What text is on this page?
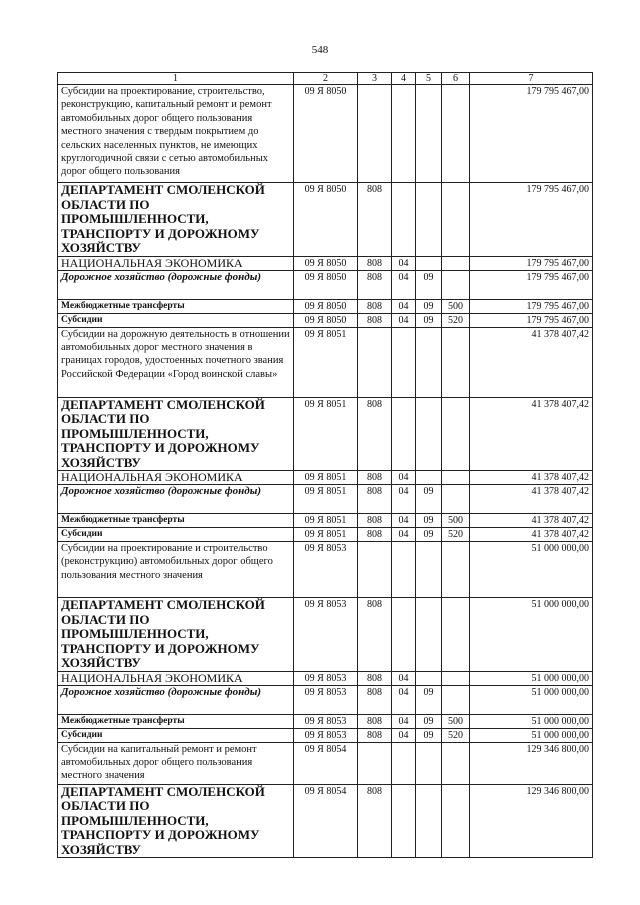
548
1	2	3	4	5	6	7
Субсидии на проектирование, строительство, реконструкцию, капитальный ремонт и ремонт автомобильных дорог общего пользования местного значения с твердым покрытием до сельских населенных пунктов, не имеющих круглогодичной связи с сетью автомобильных дорог общего пользования	09 Я 8050					179 795 467,00
ДЕПАРТАМЕНТ СМОЛЕНСКОЙ ОБЛАСТИ ПО ПРОМЫШЛЕННОСТИ, ТРАНСПОРТУ И ДОРОЖНОМУ ХОЗЯЙСТВУ	09 Я 8050	808				179 795 467,00
НАЦИОНАЛЬНАЯ ЭКОНОМИКА	09 Я 8050	808	04			179 795 467,00
Дорожное хозяйство (дорожные фонды)	09 Я 8050	808	04	09		179 795 467,00
Межбюджетные трансферты	09 Я 8050	808	04	09	500	179 795 467,00
Субсидии	09 Я 8050	808	04	09	520	179 795 467,00
Субсидии на дорожную деятельность в отношении автомобильных дорог местного значения в границах городов, удостоенных почетного звания Российской Федерации «Город воинской славы»	09 Я 8051					41 378 407,42
ДЕПАРТАМЕНТ СМОЛЕНСКОЙ ОБЛАСТИ ПО ПРОМЫШЛЕННОСТИ, ТРАНСПОРТУ И ДОРОЖНОМУ ХОЗЯЙСТВУ	09 Я 8051	808				41 378 407,42
НАЦИОНАЛЬНАЯ ЭКОНОМИКА	09 Я 8051	808	04			41 378 407,42
Дорожное хозяйство (дорожные фонды)	09 Я 8051	808	04	09		41 378 407,42
Межбюджетные трансферты	09 Я 8051	808	04	09	500	41 378 407,42
Субсидии	09 Я 8051	808	04	09	520	41 378 407,42
Субсидии на проектирование и строительство (реконструкцию) автомобильных дорог общего пользования местного значения	09 Я 8053					51 000 000,00
ДЕПАРТАМЕНТ СМОЛЕНСКОЙ ОБЛАСТИ ПО ПРОМЫШЛЕННОСТИ, ТРАНСПОРТУ И ДОРОЖНОМУ ХОЗЯЙСТВУ	09 Я 8053	808				51 000 000,00
НАЦИОНАЛЬНАЯ ЭКОНОМИКА	09 Я 8053	808	04			51 000 000,00
Дорожное хозяйство (дорожные фонды)	09 Я 8053	808	04	09		51 000 000,00
Межбюджетные трансферты	09 Я 8053	808	04	09	500	51 000 000,00
Субсидии	09 Я 8053	808	04	09	520	51 000 000,00
Субсидии на капитальный ремонт и ремонт автомобильных дорог общего пользования местного значения	09 Я 8054					129 346 800,00
ДЕПАРТАМЕНТ СМОЛЕНСКОЙ ОБЛАСТИ ПО ПРОМЫШЛЕННОСТИ, ТРАНСПОРТУ И ДОРОЖНОМУ ХОЗЯЙСТВУ	09 Я 8054	808				129 346 800,00
